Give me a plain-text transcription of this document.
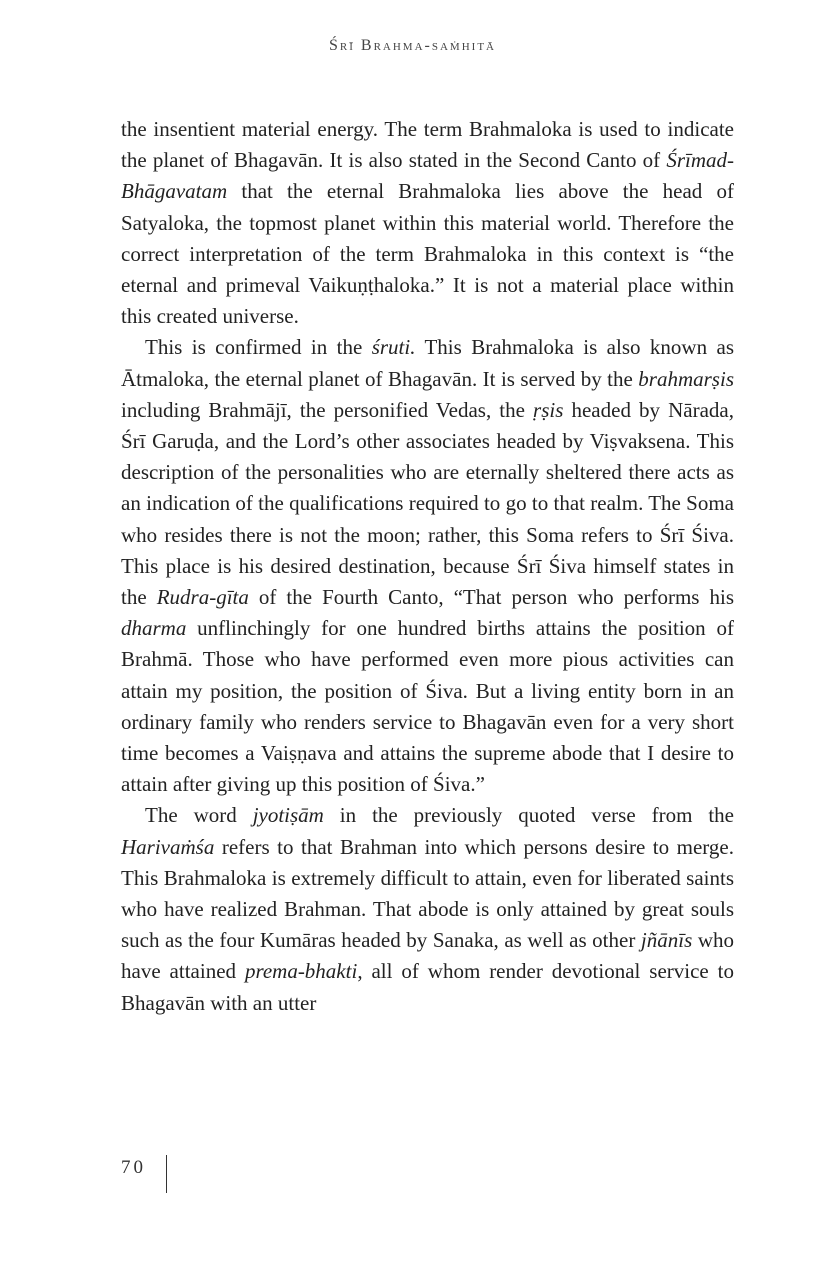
Śrī Brahma-saṁhitā

the insentient material energy. The term Brahmaloka is used to indicate the planet of Bhagavān. It is also stated in the Second Canto of Śrīmad-Bhāgavatam that the eternal Brahmaloka lies above the head of Satyaloka, the topmost planet within this material world. Therefore the correct interpretation of the term Brahmaloka in this context is “the eternal and primeval Vaikuṇṭhaloka.” It is not a material place within this created universe.

This is confirmed in the śruti. This Brahmaloka is also known as Ātmaloka, the eternal planet of Bhagavān. It is served by the brahmarṣis including Brahmājī, the personified Vedas, the ṛṣis headed by Nārada, Śrī Garuḍa, and the Lord’s other associates headed by Viṣvaksena. This description of the personalities who are eternally sheltered there acts as an indication of the qualifications required to go to that realm. The Soma who resides there is not the moon; rather, this Soma refers to Śrī Śiva. This place is his desired destination, because Śrī Śiva himself states in the Rudra-gīta of the Fourth Canto, “That person who performs his dharma unflinchingly for one hundred births attains the position of Brahmā. Those who have performed even more pious activities can attain my position, the position of Śiva. But a living entity born in an ordinary family who renders service to Bhagavān even for a very short time becomes a Vaiṣṇava and attains the supreme abode that I desire to attain after giving up this position of Śiva.”

The word jyotiṣām in the previously quoted verse from the Harivaṁśa refers to that Brahman into which persons desire to merge. This Brahmaloka is extremely difficult to attain, even for liberated saints who have realized Brahman. That abode is only attained by great souls such as the four Kumāras headed by Sanaka, as well as other jñānīs who have attained prema-bhakti, all of whom render devotional service to Bhagavān with an utter

70
